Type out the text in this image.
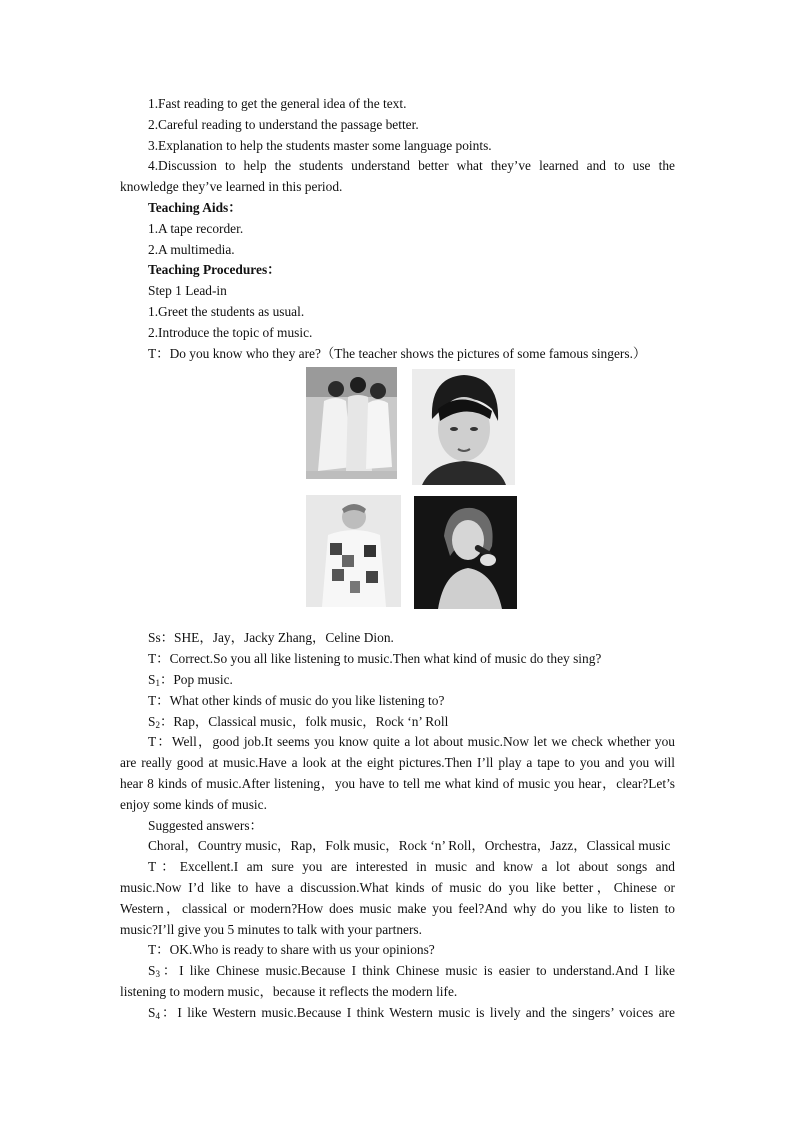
1.Fast reading to get the general idea of the text.

2.Careful reading to understand the passage better.

3.Explanation to help the students master some language points.

4.Discussion to help the students understand better what they’ve learned and to use the

knowledge they’ve learned in this period.

Teaching Aids：

1.A tape recorder.

2.A multimedia.

Teaching Procedures：

Step 1 Lead-in

1.Greet the students as usual.

2.Introduce the topic of music.

T：Do you know who they are?（The teacher shows the pictures of some famous singers.）

Ss：SHE，Jay，Jacky Zhang，Celine Dion.

T：Correct.So you all like listening to music.Then what kind of music do they sing?

$S_1$：Pop music.

T：What other kinds of music do you like listening to?

$S_2$：Rap，Classical music，folk music，Rock ‘n’ Roll

T：Well，good job.It seems you know quite a lot about music.Now let we check whether you

are really good at music.Have a look at the eight pictures.Then I’ll play a tape to you and you will

hear 8 kinds of music.After listening，you have to tell me what kind of music you hear，clear?Let’s

enjoy some kinds of music.

Suggested answers：

Choral，Country music，Rap，Folk music，Rock ‘n’ Roll，Orchestra，Jazz，Classical music

T：Excellent.I am sure you are interested in music and know a lot about songs and

music.Now I’d like to have a discussion.What kinds of music do you like better，Chinese or

Western，classical or modern?How does music make you feel?And why do you like to listen to

music?I’ll give you 5 minutes to talk with your partners.

T：OK.Who is ready to share with us your opinions?

$S_3$：I like Chinese music.Because I think Chinese music is easier to understand.And I like

listening to modern music，because it reflects the modern life.

$S_4$：I like Western music.Because I think Western music is lively and the singers’ voices are
